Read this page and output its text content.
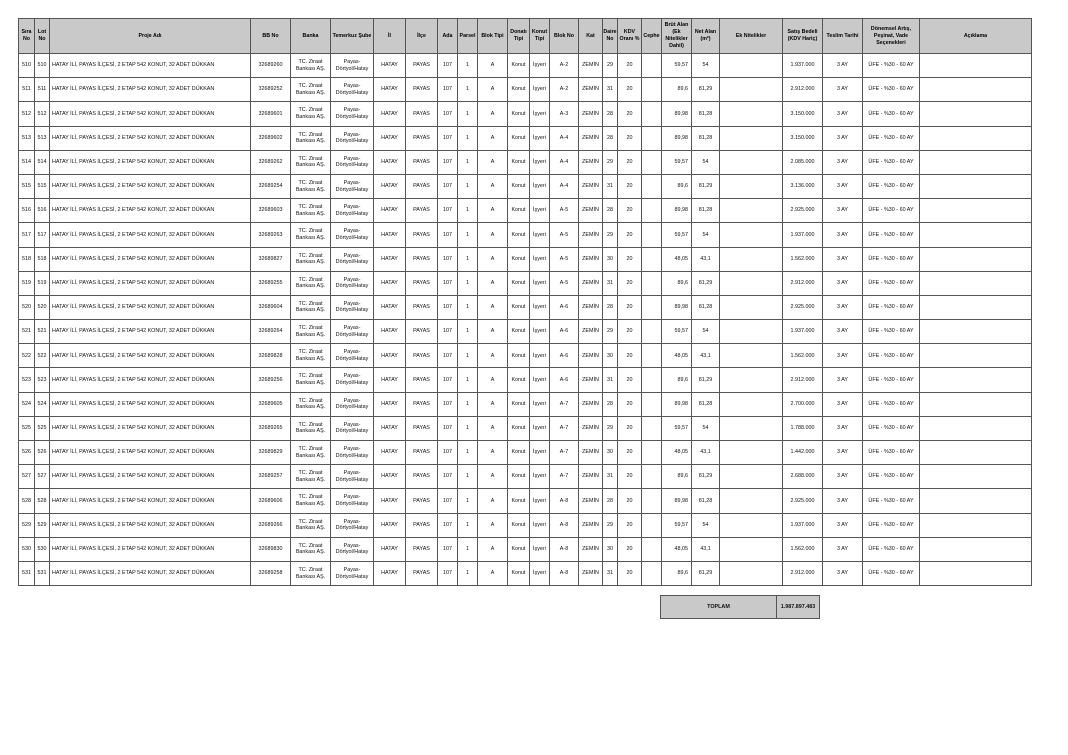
Sıra No	Lot No	Proje Adı	BB No	Banka	Temerkuz Şube	İl	İlçe	Ada	Parsel	Blok Tipi	Donatı Tipi	Konut Tipi	Blok No	Kat	Daire No	KDV Oranı %	Cephe	Brüt Alan (Ek Nitelikler Dahil)	Net Alan (m²)	Ek Nitelikler	Satış Bedeli (KDV Hariç)	Teslim Tarihi	Dönemsel Artış, Peşinat, Vade Seçenekleri	Açıklama
510	510	HATAY İLİ, PAYAS İLÇESİ, 2 ETAP 542 KONUT, 32 ADET DÜKKAN	32689260	TC. Ziraat Bankası AŞ.	Payas-Dörtyol/Hatay	HATAY	PAYAS	107	1	A	Konut	İşyeri	A-2	ZEMİN	29	20		59,57	54		1.937.000	3 AY	ÜFE - %30 - 60 AY	
511	511	HATAY İLİ, PAYAS İLÇESİ, 2 ETAP 542 KONUT, 32 ADET DÜKKAN	32689252	TC. Ziraat Bankası AŞ.	Payas-Dörtyol/Hatay	HATAY	PAYAS	107	1	A	Konut	İşyeri	A-2	ZEMİN	31	20		89,6	81,29		2.912.000	3 AY	ÜFE - %30 - 60 AY	
512	512	HATAY İLİ, PAYAS İLÇESİ, 2 ETAP 542 KONUT, 32 ADET DÜKKAN	32689601	TC. Ziraat Bankası AŞ.	Payas-Dörtyol/Hatay	HATAY	PAYAS	107	1	A	Konut	İşyeri	A-3	ZEMİN	28	20		89,98	81,28		3.150.000	3 AY	ÜFE - %30 - 60 AY	
513	513	HATAY İLİ, PAYAS İLÇESİ, 2 ETAP 542 KONUT, 32 ADET DÜKKAN	32689602	TC. Ziraat Bankası AŞ.	Payas-Dörtyol/Hatay	HATAY	PAYAS	107	1	A	Konut	İşyeri	A-4	ZEMİN	28	20		89,98	81,28		3.150.000	3 AY	ÜFE - %30 - 60 AY	
514	514	HATAY İLİ, PAYAS İLÇESİ, 2 ETAP 542 KONUT, 32 ADET DÜKKAN	32689262	TC. Ziraat Bankası AŞ.	Payas-Dörtyol/Hatay	HATAY	PAYAS	107	1	A	Konut	İşyeri	A-4	ZEMİN	29	20		59,57	54		2.085.000	3 AY	ÜFE - %30 - 60 AY	
515	515	HATAY İLİ, PAYAS İLÇESİ, 2 ETAP 542 KONUT, 32 ADET DÜKKAN	32689254	TC. Ziraat Bankası AŞ.	Payas-Dörtyol/Hatay	HATAY	PAYAS	107	1	A	Konut	İşyeri	A-4	ZEMİN	31	20		89,6	81,29		3.136.000	3 AY	ÜFE - %30 - 60 AY	
516	516	HATAY İLİ, PAYAS İLÇESİ, 2 ETAP 542 KONUT, 32 ADET DÜKKAN	32689603	TC. Ziraat Bankası AŞ.	Payas-Dörtyol/Hatay	HATAY	PAYAS	107	1	A	Konut	İşyeri	A-5	ZEMİN	28	20		89,98	81,28		2.925.000	3 AY	ÜFE - %30 - 60 AY	
517	517	HATAY İLİ, PAYAS İLÇESİ, 2 ETAP 542 KONUT, 32 ADET DÜKKAN	32689263	TC. Ziraat Bankası AŞ.	Payas-Dörtyol/Hatay	HATAY	PAYAS	107	1	A	Konut	İşyeri	A-5	ZEMİN	29	20		59,57	54		1.937.000	3 AY	ÜFE - %30 - 60 AY	
518	518	HATAY İLİ, PAYAS İLÇESİ, 2 ETAP 542 KONUT, 32 ADET DÜKKAN	32689827	TC. Ziraat Bankası AŞ.	Payas-Dörtyol/Hatay	HATAY	PAYAS	107	1	A	Konut	İşyeri	A-5	ZEMİN	30	20		48,05	43,1		1.562.000	3 AY	ÜFE - %30 - 60 AY	
519	519	HATAY İLİ, PAYAS İLÇESİ, 2 ETAP 542 KONUT, 32 ADET DÜKKAN	32689255	TC. Ziraat Bankası AŞ.	Payas-Dörtyol/Hatay	HATAY	PAYAS	107	1	A	Konut	İşyeri	A-5	ZEMİN	31	20		89,6	81,29		2.912.000	3 AY	ÜFE - %30 - 60 AY	
520	520	HATAY İLİ, PAYAS İLÇESİ, 2 ETAP 542 KONUT, 32 ADET DÜKKAN	32689604	TC. Ziraat Bankası AŞ.	Payas-Dörtyol/Hatay	HATAY	PAYAS	107	1	A	Konut	İşyeri	A-6	ZEMİN	28	20		89,98	81,28		2.925.000	3 AY	ÜFE - %30 - 60 AY	
521	521	HATAY İLİ, PAYAS İLÇESİ, 2 ETAP 542 KONUT, 32 ADET DÜKKAN	32689264	TC. Ziraat Bankası AŞ.	Payas-Dörtyol/Hatay	HATAY	PAYAS	107	1	A	Konut	İşyeri	A-6	ZEMİN	29	20		59,57	54		1.937.000	3 AY	ÜFE - %30 - 60 AY	
522	522	HATAY İLİ, PAYAS İLÇESİ, 2 ETAP 542 KONUT, 32 ADET DÜKKAN	32689828	TC. Ziraat Bankası AŞ.	Payas-Dörtyol/Hatay	HATAY	PAYAS	107	1	A	Konut	İşyeri	A-6	ZEMİN	30	20		48,05	43,1		1.562.000	3 AY	ÜFE - %30 - 60 AY	
523	523	HATAY İLİ, PAYAS İLÇESİ, 2 ETAP 542 KONUT, 32 ADET DÜKKAN	32689256	TC. Ziraat Bankası AŞ.	Payas-Dörtyol/Hatay	HATAY	PAYAS	107	1	A	Konut	İşyeri	A-6	ZEMİN	31	20		89,6	81,29		2.912.000	3 AY	ÜFE - %30 - 60 AY	
524	524	HATAY İLİ, PAYAS İLÇESİ, 2 ETAP 542 KONUT, 32 ADET DÜKKAN	32689605	TC. Ziraat Bankası AŞ.	Payas-Dörtyol/Hatay	HATAY	PAYAS	107	1	A	Konut	İşyeri	A-7	ZEMİN	28	20		89,98	81,28		2.700.000	3 AY	ÜFE - %30 - 60 AY	
525	525	HATAY İLİ, PAYAS İLÇESİ, 2 ETAP 542 KONUT, 32 ADET DÜKKAN	32689265	TC. Ziraat Bankası AŞ.	Payas-Dörtyol/Hatay	HATAY	PAYAS	107	1	A	Konut	İşyeri	A-7	ZEMİN	29	20		59,57	54		1.788.000	3 AY	ÜFE - %30 - 60 AY	
526	526	HATAY İLİ, PAYAS İLÇESİ, 2 ETAP 542 KONUT, 32 ADET DÜKKAN	32689829	TC. Ziraat Bankası AŞ.	Payas-Dörtyol/Hatay	HATAY	PAYAS	107	1	A	Konut	İşyeri	A-7	ZEMİN	30	20		48,05	43,1		1.442.000	3 AY	ÜFE - %30 - 60 AY	
527	527	HATAY İLİ, PAYAS İLÇESİ, 2 ETAP 542 KONUT, 32 ADET DÜKKAN	32689257	TC. Ziraat Bankası AŞ.	Payas-Dörtyol/Hatay	HATAY	PAYAS	107	1	A	Konut	İşyeri	A-7	ZEMİN	31	20		89,6	81,29		2.688.000	3 AY	ÜFE - %30 - 60 AY	
528	528	HATAY İLİ, PAYAS İLÇESİ, 2 ETAP 542 KONUT, 32 ADET DÜKKAN	32689606	TC. Ziraat Bankası AŞ.	Payas-Dörtyol/Hatay	HATAY	PAYAS	107	1	A	Konut	İşyeri	A-8	ZEMİN	28	20		89,98	81,28		2.925.000	3 AY	ÜFE - %30 - 60 AY	
529	529	HATAY İLİ, PAYAS İLÇESİ, 2 ETAP 542 KONUT, 32 ADET DÜKKAN	32689266	TC. Ziraat Bankası AŞ.	Payas-Dörtyol/Hatay	HATAY	PAYAS	107	1	A	Konut	İşyeri	A-8	ZEMİN	29	20		59,57	54		1.937.000	3 AY	ÜFE - %30 - 60 AY	
530	530	HATAY İLİ, PAYAS İLÇESİ, 2 ETAP 542 KONUT, 32 ADET DÜKKAN	32689830	TC. Ziraat Bankası AŞ.	Payas-Dörtyol/Hatay	HATAY	PAYAS	107	1	A	Konut	İşyeri	A-8	ZEMİN	30	20		48,05	43,1		1.562.000	3 AY	ÜFE - %30 - 60 AY	
531	531	HATAY İLİ, PAYAS İLÇESİ, 2 ETAP 542 KONUT, 32 ADET DÜKKAN	32689258	TC. Ziraat Bankası AŞ.	Payas-Dörtyol/Hatay	HATAY	PAYAS	107	1	A	Konut	İşyeri	A-8	ZEMİN	31	20		89,6	81,29		2.912.000	3 AY	ÜFE - %30 - 60 AY	
TOPLAM	1.987.897.483
